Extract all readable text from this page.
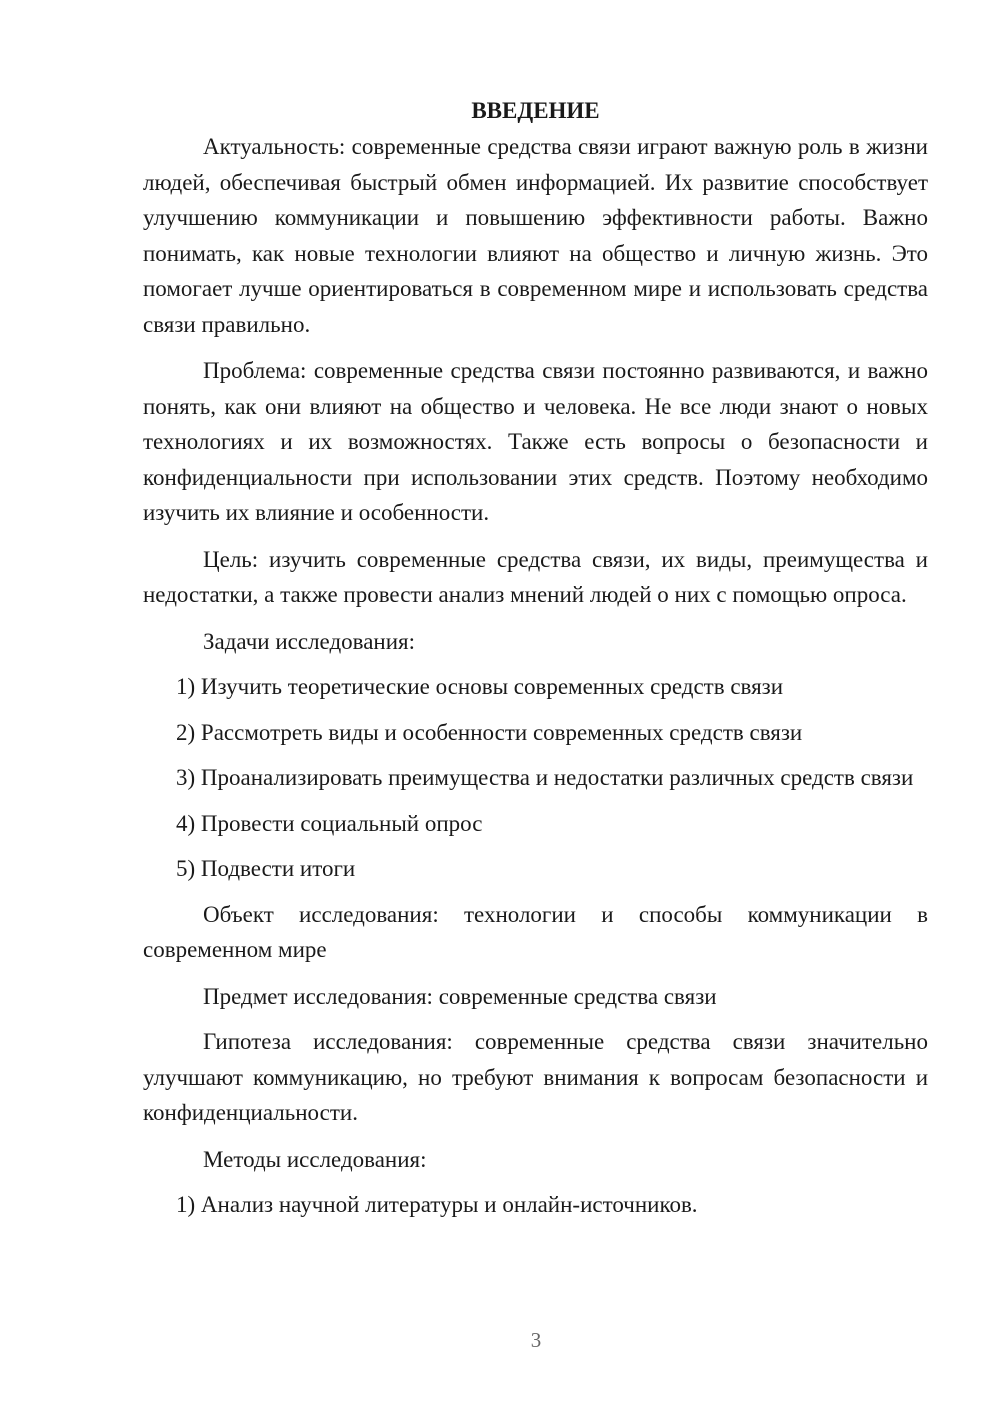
ВВЕДЕНИЕ

Актуальность: современные средства связи играют важную роль в жизни людей, обеспечивая быстрый обмен информацией. Их развитие способствует улучшению коммуникации и повышению эффективности работы. Важно понимать, как новые технологии влияют на общество и личную жизнь. Это помогает лучше ориентироваться в современном мире и использовать средства связи правильно.

Проблема: современные средства связи постоянно развиваются, и важно понять, как они влияют на общество и человека. Не все люди знают о новых технологиях и их возможностях. Также есть вопросы о безопасности и конфиденциальности при использовании этих средств. Поэтому необходимо изучить их влияние и особенности.

Цель: изучить современные средства связи, их виды, преимущества и недостатки, а также провести анализ мнений людей о них с помощью опроса.

Задачи исследования:

1) Изучить теоретические основы современных средств связи

2) Рассмотреть виды и особенности современных средств связи

3) Проанализировать преимущества и недостатки различных средств связи

4) Провести социальный опрос

5) Подвести итоги

Объект исследования: технологии и способы коммуникации в современном мире

Предмет исследования: современные средства связи

Гипотеза исследования: современные средства связи значительно улучшают коммуникацию, но требуют внимания к вопросам безопасности и конфиденциальности.

Методы исследования:

1) Анализ научной литературы и онлайн-источников.

3
